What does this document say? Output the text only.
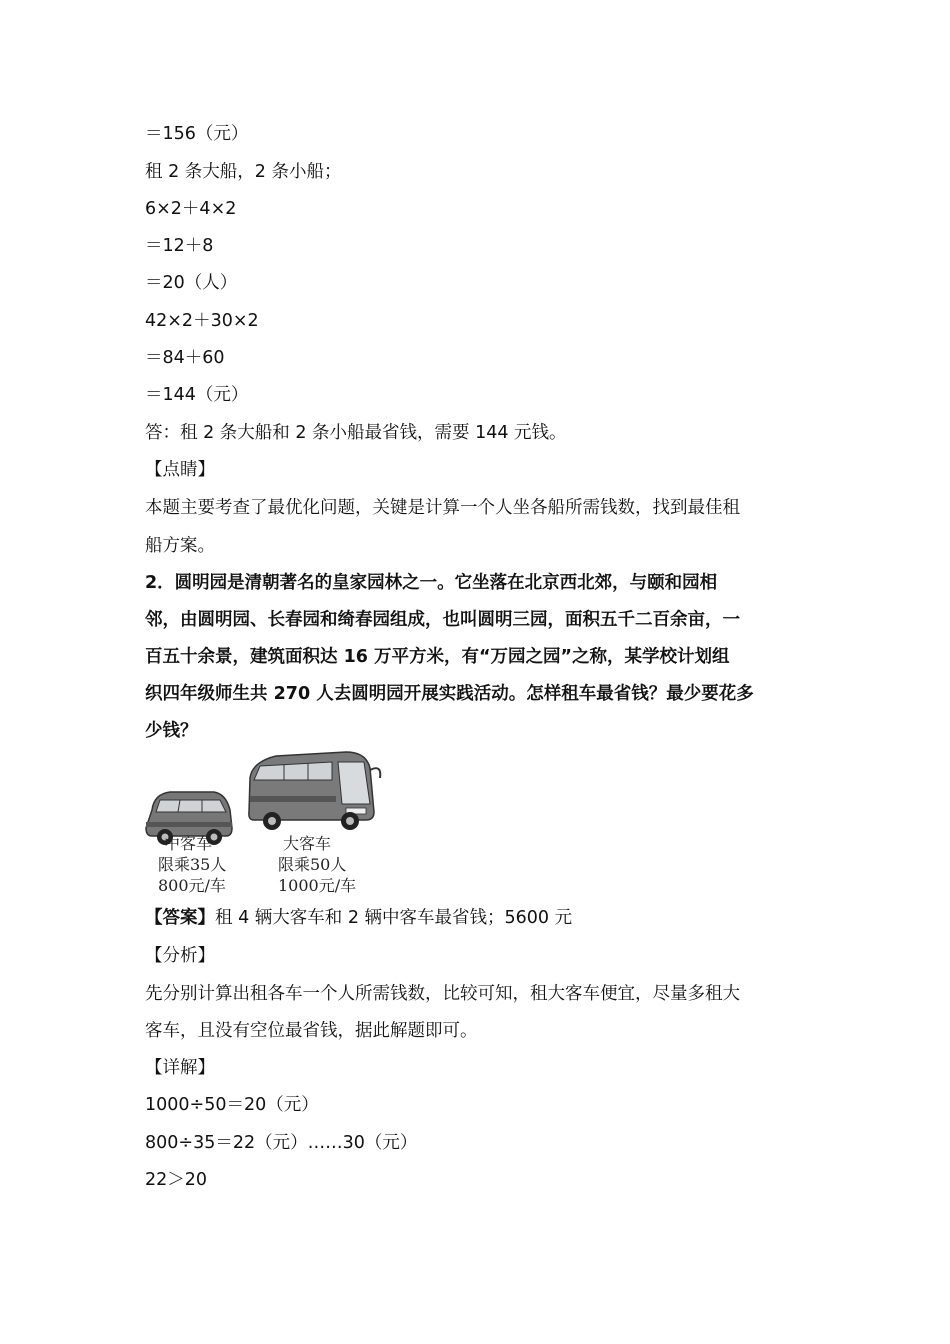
＝156（元）
租 2 条大船，2 条小船；
6×2＋4×2
＝12＋8
＝20（人）
42×2＋30×2
＝84＋60
＝144（元）
答：租 2 条大船和 2 条小船最省钱，需要 144 元钱。
【点睛】
本题主要考查了最优化问题，关键是计算一个人坐各船所需钱数，找到最佳租
船方案。
2．圆明园是清朝著名的皇家园林之一。它坐落在北京西北郊，与颐和园相
邻，由圆明园、长春园和绮春园组成，也叫圆明三园，面积五千二百余亩，一
百五十余景，建筑面积达 16 万平方米，有“万园之园”之称，某学校计划组
织四年级师生共 270 人去圆明园开展实践活动。怎样租车最省钱？最少要花多
少钱？
中客车
限乘35人
800元/车
大客车
限乘50人
1000元/车
【答案】租 4 辆大客车和 2 辆中客车最省钱；5600 元
【分析】
先分别计算出租各车一个人所需钱数，比较可知，租大客车便宜，尽量多租大
客车，且没有空位最省钱，据此解题即可。
【详解】
1000÷50＝20（元）
800÷35＝22（元）……30（元）
22＞20
